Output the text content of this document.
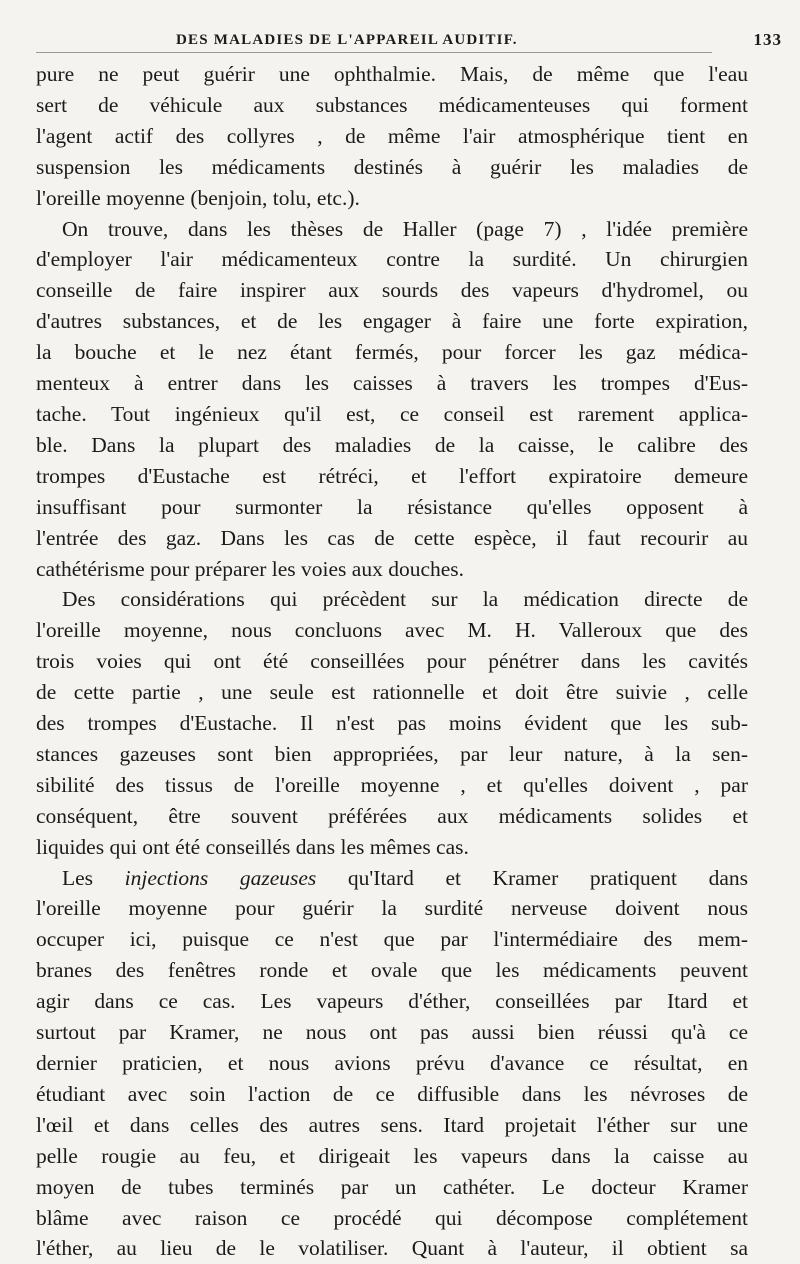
DES MALADIES DE L'APPAREIL AUDITIF.	133

pure ne peut guérir une ophthalmie. Mais, de même que l'eau
sert de véhicule aux substances médicamenteuses qui forment
l'agent actif des collyres , de même l'air atmosphérique tient en
suspension les médicaments destinés à guérir les maladies de
l'oreille moyenne (benjoin, tolu, etc.).
On trouve, dans les thèses de Haller (page 7) , l'idée première
d'employer l'air médicamenteux contre la surdité. Un chirurgien
conseille de faire inspirer aux sourds des vapeurs d'hydromel, ou
d'autres substances, et de les engager à faire une forte expiration,
la bouche et le nez étant fermés, pour forcer les gaz médica-
menteux à entrer dans les caisses à travers les trompes d'Eus-
tache. Tout ingénieux qu'il est, ce conseil est rarement applica-
ble. Dans la plupart des maladies de la caisse, le calibre des
trompes d'Eustache est rétréci, et l'effort expiratoire demeure
insuffisant pour surmonter la résistance qu'elles opposent à
l'entrée des gaz. Dans les cas de cette espèce, il faut recourir au
cathétérisme pour préparer les voies aux douches.
Des considérations qui précèdent sur la médication directe de
l'oreille moyenne, nous concluons avec M. H. Valleroux que des
trois voies qui ont été conseillées pour pénétrer dans les cavités
de cette partie , une seule est rationnelle et doit être suivie , celle
des trompes d'Eustache. Il n'est pas moins évident que les sub-
stances gazeuses sont bien appropriées, par leur nature, à la sen-
sibilité des tissus de l'oreille moyenne , et qu'elles doivent , par
conséquent, être souvent préférées aux médicaments solides et
liquides qui ont été conseillés dans les mêmes cas.
Les injections gazeuses qu'Itard et Kramer pratiquent dans
l'oreille moyenne pour guérir la surdité nerveuse doivent nous
occuper ici, puisque ce n'est que par l'intermédiaire des mem-
branes des fenêtres ronde et ovale que les médicaments peuvent
agir dans ce cas. Les vapeurs d'éther, conseillées par Itard et
surtout par Kramer, ne nous ont pas aussi bien réussi qu'à ce
dernier praticien, et nous avions prévu d'avance ce résultat, en
étudiant avec soin l'action de ce diffusible dans les névroses de
l'œil et dans celles des autres sens. Itard projetait l'éther sur une
pelle rougie au feu, et dirigeait les vapeurs dans la caisse au
moyen de tubes terminés par un cathéter. Le docteur Kramer
blâme avec raison ce procédé qui décompose complétement
l'éther, au lieu de le volatiliser. Quant à l'auteur, il obtient sa
